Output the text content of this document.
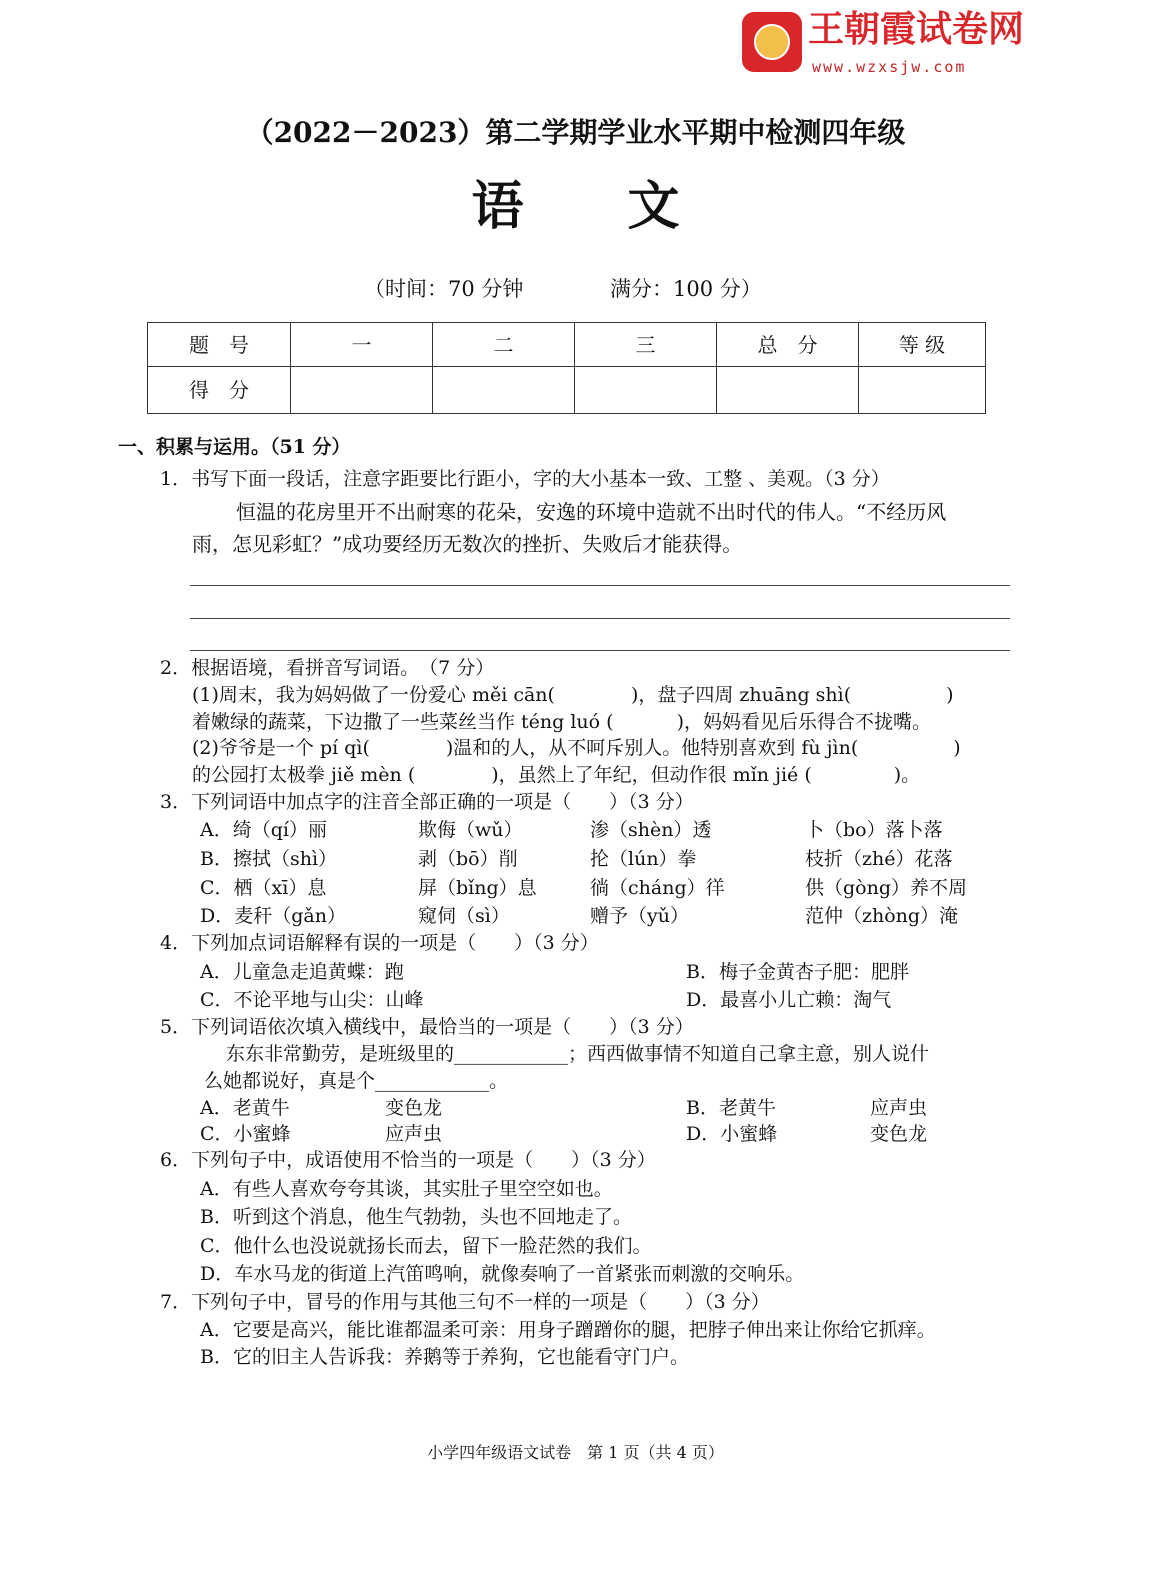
王朝霞试卷网
www.wzxsjw.com
（2022－2023）第二学期学业水平期中检测四年级
语　　文
（时间：70 分钟	满分：100 分）
题　号	一	二	三	总　分	等 级
得　分					
一、积累与运用。（51 分）
1．书写下面一段话，注意字距要比行距小，字的大小基本一致、工整 、美观。（3 分）
恒温的花房里开不出耐寒的花朵，安逸的环境中造就不出时代的伟人。“不经历风
雨，怎见彩虹？”成功要经历无数次的挫折、失败后才能获得。
2．根据语境，看拼音写词语。　（7 分）
(1)周末，我为妈妈做了一份爱心 měi cān(　　　　)，盘子四周 zhuāng shì(　　　　　)
着嫩绿的蔬菜，下边撒了一些菜丝当作 téng luó (　　　 )，妈妈看见后乐得合不拢嘴。
(2)爷爷是一个 pí qì(　　　　)温和的人，从不呵斥别人。他特别喜欢到 fù jìn(　　　　　)
的公园打太极拳 jiě mèn (　　　　)，虽然上了年纪，但动作很 mǐn jié (　　　　 )。
3．下列词语中加点字的注音全部正确的一项是（　　）（3 分）
A．绮（qí）丽	欺侮（wǔ）	渗（shèn）透	卜（bo）落卜落
B．擦拭（shì）	剥（bō）削	抡（lún）拳	枝折（zhé）花落
C．栖（xī）息	屏（bǐng）息	徜（cháng）徉	供（gòng）养不周
D．麦秆（gǎn）	窥伺（sì）	赠予（yǔ）	范仲（zhòng）淹
4．下列加点词语解释有误的一项是（　　）（3 分）
A．儿童急走追黄蝶：跑	B．梅子金黄杏子肥：肥胖
C．不论平地与山尖：山峰	D．最喜小儿亡赖：淘气
5．下列词语依次填入横线中，最恰当的一项是（　　）（3 分）
东东非常勤劳，是班级里的____________；西西做事情不知道自己拿主意，别人说什
么她都说好，真是个____________。
A．老黄牛	变色龙	B．老黄牛	应声虫
C．小蜜蜂	应声虫	D．小蜜蜂	变色龙
6．下列句子中，成语使用不恰当的一项是（　　）（3 分）
A．有些人喜欢夸夸其谈，其实肚子里空空如也。
B．听到这个消息，他生气勃勃，头也不回地走了。
C．他什么也没说就扬长而去，留下一脸茫然的我们。
D．车水马龙的街道上汽笛鸣响，就像奏响了一首紧张而刺激的交响乐。
7．下列句子中，冒号的作用与其他三句不一样的一项是（　　）（3 分）
A．它要是高兴，能比谁都温柔可亲：用身子蹭蹭你的腿，把脖子伸出来让你给它抓痒。
B．它的旧主人告诉我：养鹅等于养狗，它也能看守门户。
小学四年级语文试卷　第 1 页（共 4 页）
